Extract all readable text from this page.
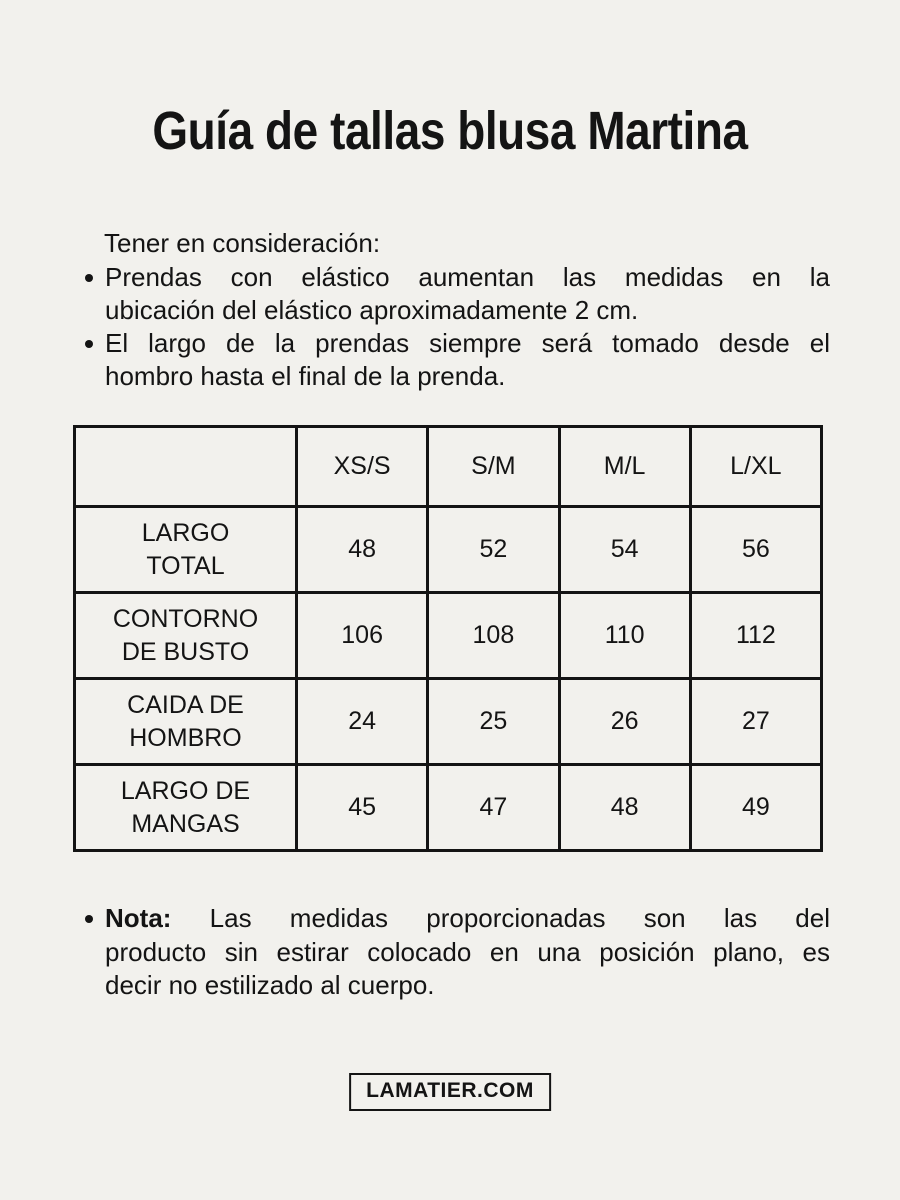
Guía de tallas blusa Martina
Tener en consideración:
Prendas con elástico aumentan las medidas en la
ubicación del elástico aproximadamente 2 cm.
El largo de la prendas siempre será tomado desde el
hombro hasta el final de la prenda.
	XS/S	S/M	M/L	L/XL
LARGO TOTAL	48	52	54	56
CONTORNO DE BUSTO	106	108	110	112
CAIDA DE HOMBRO	24	25	26	27
LARGO DE MANGAS	45	47	48	49
Nota: Las medidas proporcionadas son las del
producto sin estirar colocado en una posición plano, es
decir no estilizado al cuerpo.
LAMATIER.COM
